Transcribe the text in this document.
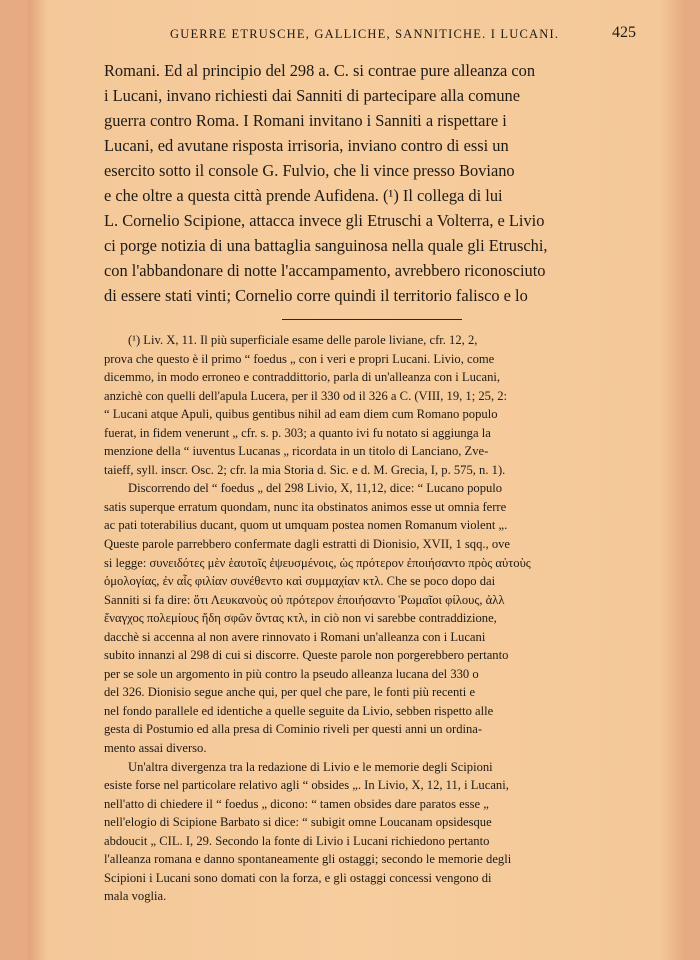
GUERRE ETRUSCHE, GALLICHE, SANNITICHE. I LUCANI.	425
Romani. Ed al principio del 298 a. C. si contrae pure alleanza con
i Lucani, invano richiesti dai Sanniti di partecipare alla comune
guerra contro Roma. I Romani invitano i Sanniti a rispettare i
Lucani, ed avutane risposta irrisoria, inviano contro di essi un
esercito sotto il console G. Fulvio, che li vince presso Boviano
e che oltre a questa città prende Aufidena. (¹) Il collega di lui
L. Cornelio Scipione, attacca invece gli Etruschi a Volterra, e Livio
ci porge notizia di una battaglia sanguinosa nella quale gli Etruschi,
con l'abbandonare di notte l'accampamento, avrebbero riconosciuto
di essere stati vinti; Cornelio corre quindi il territorio falisco e lo
(¹) Liv. X, 11. Il più superficiale esame delle parole liviane, cfr. 12, 2,
prova che questo è il primo “ foedus „ con i veri e propri Lucani. Livio, come
dicemmo, in modo erroneo e contraddittorio, parla di un'alleanza con i Lucani,
anzichè con quelli dell'apula Lucera, per il 330 od il 326 a C. (VIII, 19, 1; 25, 2:
“ Lucani atque Apuli, quibus gentibus nihil ad eam diem cum Romano populo
fuerat, in fidem venerunt „ cfr. s. p. 303; a quanto ivi fu notato si aggiunga la
menzione della “ iuventus Lucanas „ ricordata in un titolo di Lanciano, Zve-
taieff, syll. inscr. Osc. 2; cfr. la mia Storia d. Sic. e d. M. Grecia, I, p. 575, n. 1).
Discorrendo del “ foedus „ del 298 Livio, X, 11,12, dice: “ Lucano populo
satis superque erratum quondam, nunc ita obstinatos animos esse ut omnia ferre
ac pati toterabilius ducant, quom ut umquam postea nomen Romanum violent „.
Queste parole parrebbero confermate dagli estratti di Dionisio, XVII, 1 sqq., ove
si legge: συνειδότες μὲν ἑαυτοῖς ἐψευσμένοις, ὡς πρότερον ἐποιήσαντο πρὸς αὐτοὺς
ὁμολογίας, ἐν αἷς φιλίαν συνέθεντο καὶ συμμαχίαν κτλ. Che se poco dopo dai
Sanniti si fa dire: ὅτι Λευκανοὺς οὐ πρότερον ἐποιήσαντο Ῥωμαῖοι φίλους, ἀλλ
ἔναγχος πολεμίους ἤδη σφῶν ὄντας κτλ, in ciò non vi sarebbe contraddizione,
dacchè si accenna al non avere rinnovato i Romani un'alleanza con i Lucani
subito innanzi al 298 di cui si discorre. Queste parole non porgerebbero pertanto
per se sole un argomento in più contro la pseudo alleanza lucana del 330 o
del 326. Dionisio segue anche qui, per quel che pare, le fonti più recenti e
nel fondo parallele ed identiche a quelle seguite da Livio, sebben rispetto alle
gesta di Postumio ed alla presa di Cominio riveli per questi anni un ordina-
mento assai diverso.
Un'altra divergenza tra la redazione di Livio e le memorie degli Scipioni
esiste forse nel particolare relativo agli “ obsides „. In Livio, X, 12, 11, i Lucani,
nell'atto di chiedere il “ foedus „ dicono: “ tamen obsides dare paratos esse „
nell'elogio di Scipione Barbato si dice: “ subigit omne Loucanam opsidesque
abdoucit „ CIL. I, 29. Secondo la fonte di Livio i Lucani richiedono pertanto
l'alleanza romana e danno spontaneamente gli ostaggi; secondo le memorie degli
Scipioni i Lucani sono domati con la forza, e gli ostaggi concessi vengono di
mala voglia.
